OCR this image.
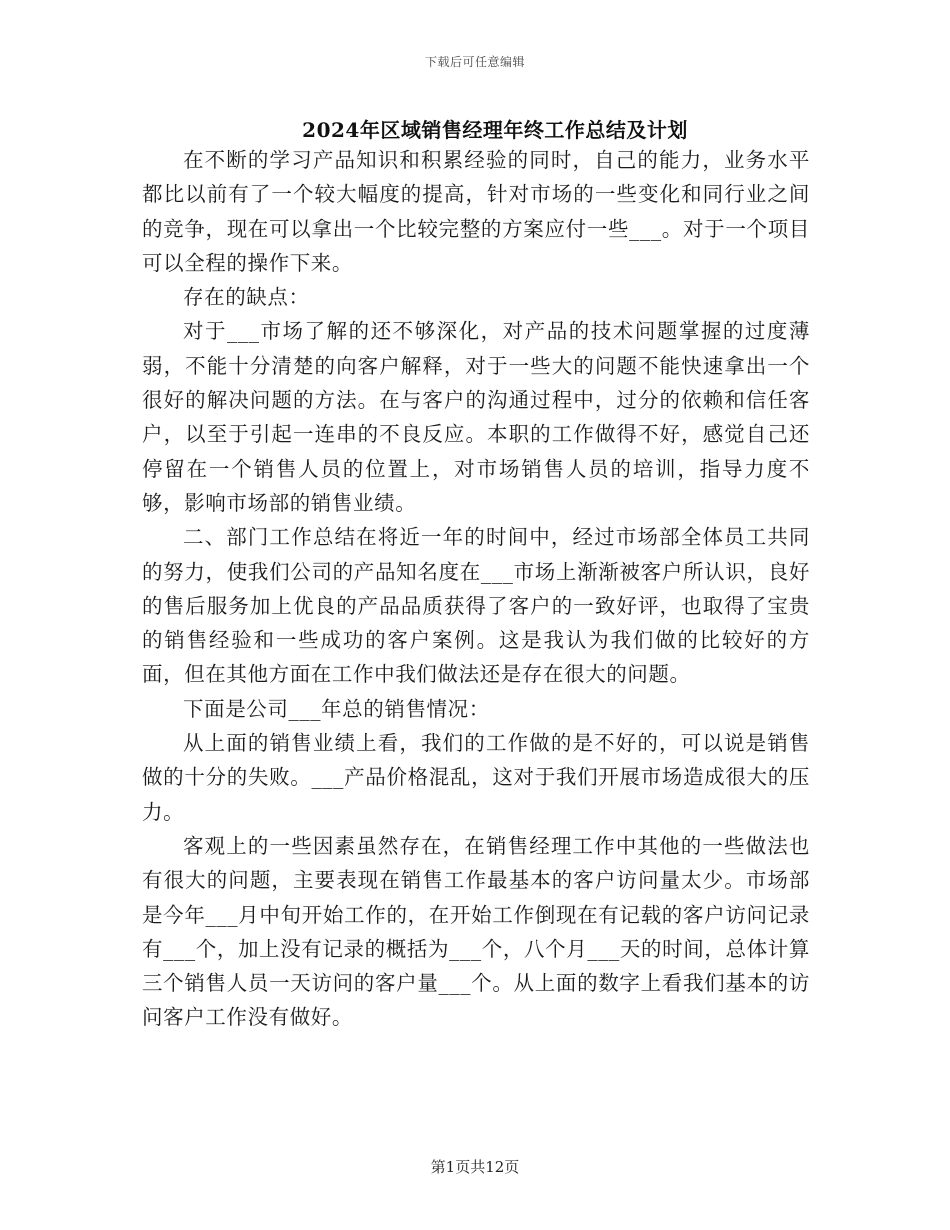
下载后可任意编辑
2024年区域销售经理年终工作总结及计划

在不断的学习产品知识和积累经验的同时，自己的能力，业务水平都比以前有了一个较大幅度的提高，针对市场的一些变化和同行业之间的竞争，现在可以拿出一个比较完整的方案应付一些___。对于一个项目可以全程的操作下来。

存在的缺点：

对于___市场了解的还不够深化，对产品的技术问题掌握的过度薄弱，不能十分清楚的向客户解释，对于一些大的问题不能快速拿出一个很好的解决问题的方法。在与客户的沟通过程中，过分的依赖和信任客户，以至于引起一连串的不良反应。本职的工作做得不好，感觉自己还停留在一个销售人员的位置上，对市场销售人员的培训，指导力度不够，影响市场部的销售业绩。

二、部门工作总结在将近一年的时间中，经过市场部全体员工共同的努力，使我们公司的产品知名度在___市场上渐渐被客户所认识，良好的售后服务加上优良的产品品质获得了客户的一致好评，也取得了宝贵的销售经验和一些成功的客户案例。这是我认为我们做的比较好的方面，但在其他方面在工作中我们做法还是存在很大的问题。

下面是公司___年总的销售情况：

从上面的销售业绩上看，我们的工作做的是不好的，可以说是销售做的十分的失败。___产品价格混乱，这对于我们开展市场造成很大的压力。

客观上的一些因素虽然存在，在销售经理工作中其他的一些做法也有很大的问题，主要表现在销售工作最基本的客户访问量太少。市场部是今年___月中旬开始工作的，在开始工作倒现在有记载的客户访问记录有___个，加上没有记录的概括为___个，八个月___天的时间，总体计算三个销售人员一天访问的客户量___个。从上面的数字上看我们基本的访问客户工作没有做好。

第1页共12页
